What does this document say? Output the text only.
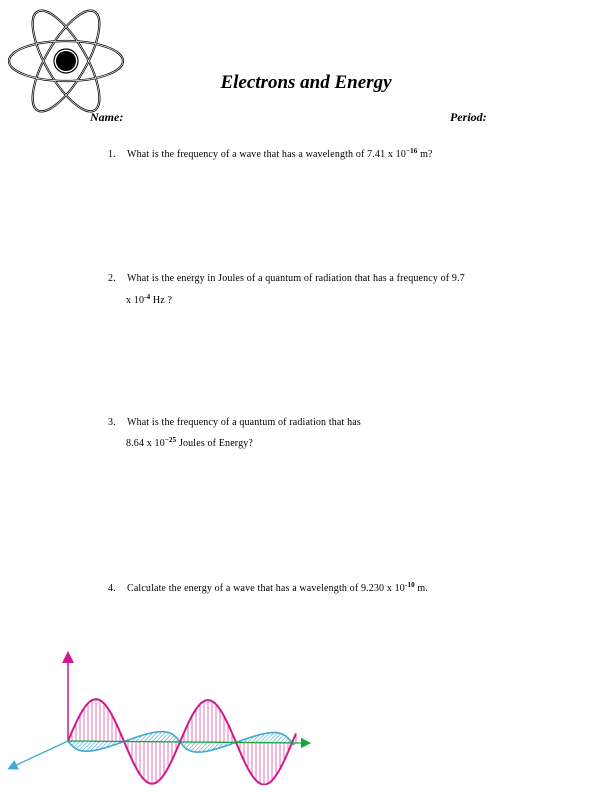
Electrons and Energy
Name:	Period:
1. What is the frequency of a wave that has a wavelength of 7.41 x $10^{-16}$ m?
2. What is the energy in Joules of a quantum of radiation that has a frequency of 9.7
x $10^{-4}$ Hz ?
3. What is the frequency of a quantum of radiation that has
8.64 x $10^{-25}$ Joules of Energy?
4. Calculate the energy of a wave that has a wavelength of 9.230 x $10^{-10}$ m.
